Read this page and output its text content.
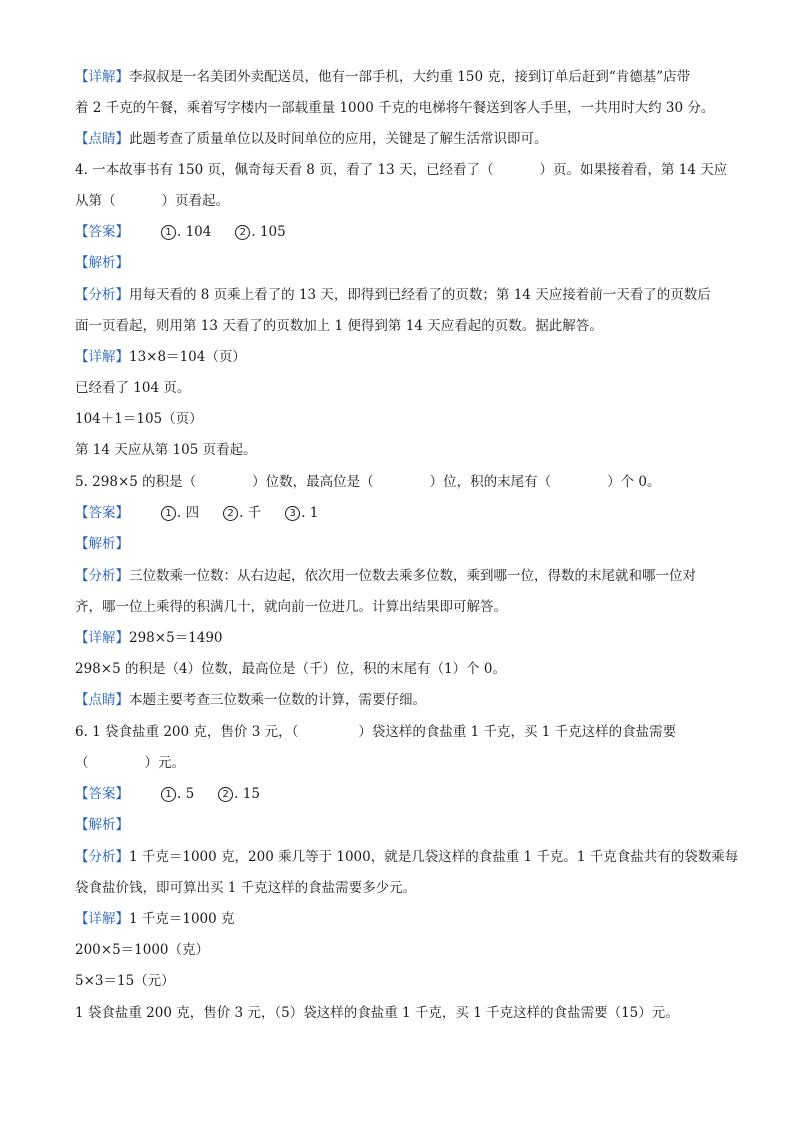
【详解】李叔叔是一名美团外卖配送员，他有一部手机，大约重 150 克，接到订单后赶到“肯德基”店带
着 2 千克的午餐，乘着写字楼内一部载重量 1000 千克的电梯将午餐送到客人手里，一共用时大约 30 分。
【点睛】此题考查了质量单位以及时间单位的应用，关键是了解生活常识即可。
4. 一本故事书有 150 页，佩奇每天看 8 页，看了 13 天，已经看了（	）页。如果接着看，第 14 天应
从第（	）页看起。
【答案】	1 . 104	2 . 105
【解析】
【分析】用每天看的 8 页乘上看了的 13 天，即得到已经看了的页数；第 14 天应接着前一天看了的页数后
面一页看起，则用第 13 天看了的页数加上 1 便得到第 14 天应看起的页数。据此解答。
【详解】13×8＝104（页）
已经看了 104 页。
104＋1＝105（页）
第 14 天应从第 105 页看起。
5. 298×5 的积是（	）位数，最高位是（	）位，积的末尾有（	）个 0。
【答案】	1 . 四	2 . 千	3 . 1
【解析】
【分析】三位数乘一位数：从右边起，依次用一位数去乘多位数，乘到哪一位，得数的末尾就和哪一位对
齐，哪一位上乘得的积满几十，就向前一位进几。计算出结果即可解答。
【详解】298×5＝1490
298×5 的积是（4）位数，最高位是（千）位，积的末尾有（1）个 0。
【点睛】本题主要考查三位数乘一位数的计算，需要仔细。
6. 1 袋食盐重 200 克，售价 3 元，（	）袋这样的食盐重 1 千克，买 1 千克这样的食盐需要
（	）元。
【答案】	1 . 5	2 . 15
【解析】
【分析】1 千克＝1000 克，200 乘几等于 1000，就是几袋这样的食盐重 1 千克。1 千克食盐共有的袋数乘每
袋食盐价钱，即可算出买 1 千克这样的食盐需要多少元。
【详解】1 千克＝1000 克
200×5＝1000（克）
5×3＝15（元）
1 袋食盐重 200 克，售价 3 元，（5）袋这样的食盐重 1 千克，买 1 千克这样的食盐需要（15）元。
